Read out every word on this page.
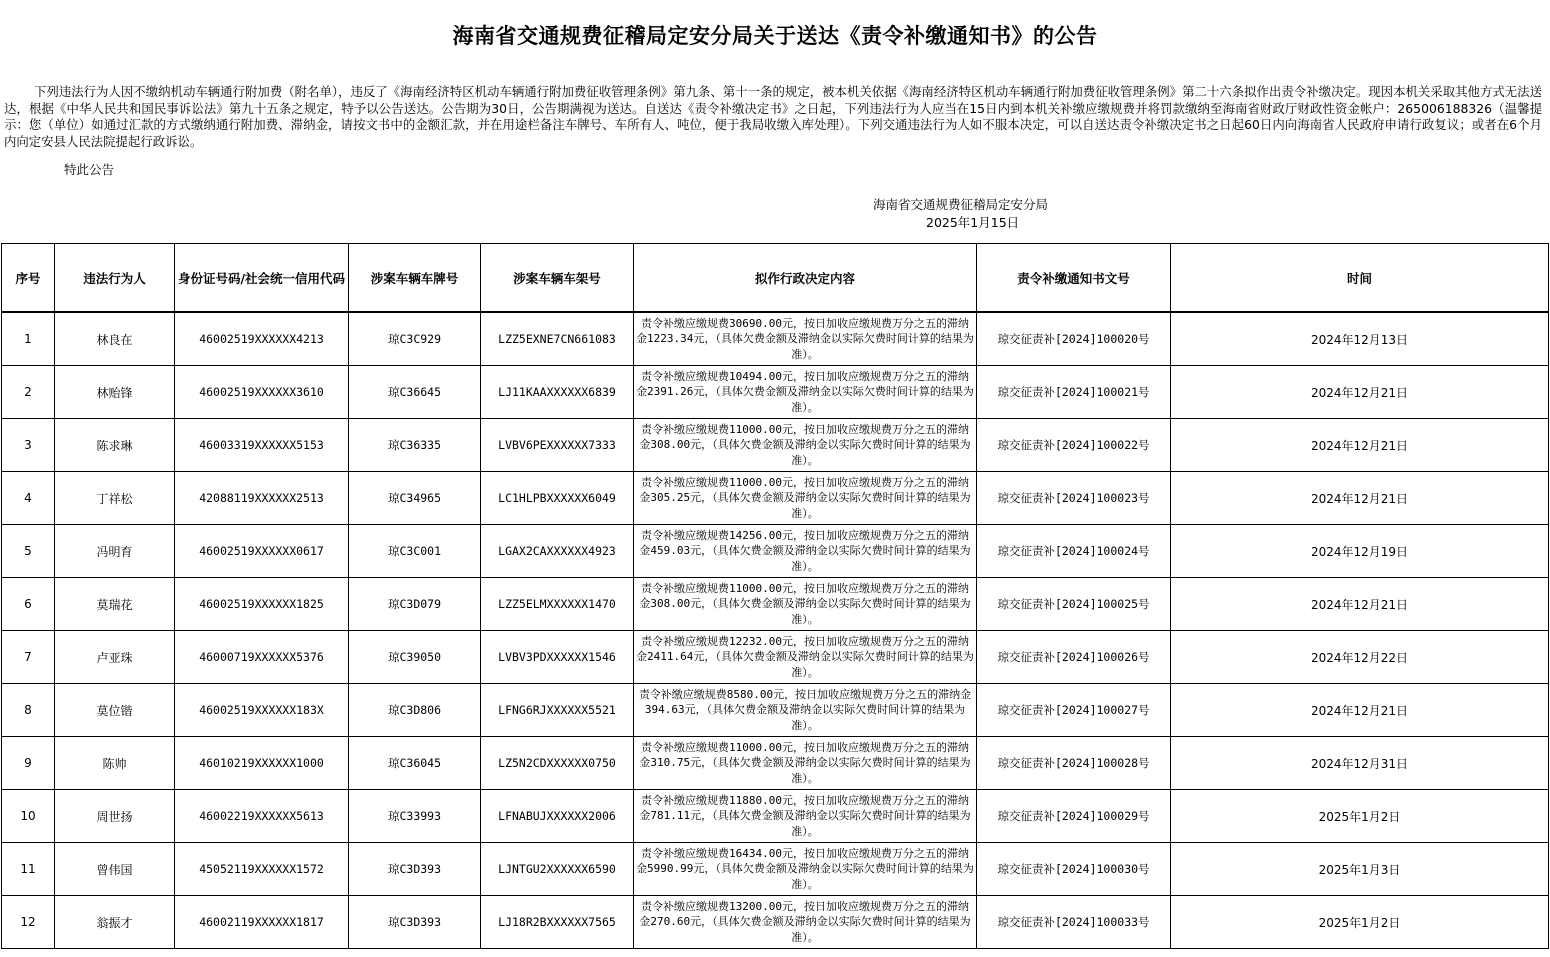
海南省交通规费征稽局定安分局关于送达《责令补缴通知书》的公告
下列违法行为人因不缴纳机动车辆通行附加费（附名单），违反了《海南经济特区机动车辆通行附加费征收管理条例》第九条、第十一条的规定，被本机关依据《海南经济特区机动车辆通行附加费征收管理条例》第二十六条拟作出责令补缴决定。现因本机关采取其他方式无法送达，根据《中华人民共和国民事诉讼法》第九十五条之规定，特予以公告送达。公告期为30日，公告期满视为送达。自送达《责令补缴决定书》之日起，下列违法行为人应当在15日内到本机关补缴应缴规费并将罚款缴纳至海南省财政厅财政性资金帐户：265006188326（温馨提示：您（单位）如通过汇款的方式缴纳通行附加费、滞纳金，请按文书中的金额汇款，并在用途栏备注车牌号、车所有人、吨位，便于我局收缴入库处理）。下列交通违法行为人如不服本决定，可以自送达责令补缴决定书之日起60日内向海南省人民政府申请行政复议；或者在6个月内向定安县人民法院提起行政诉讼。
特此公告
海南省交通规费征稽局定安分局
2025年1月15日
序号	违法行为人	身份证号码/社会统一信用代码	涉案车辆车牌号	涉案车辆车架号	拟作行政决定内容	责令补缴通知书文号	时间
1	林良在	46002519XXXXXX4213	琼C3C929	LZZ5EXNE7CN661083	责令补缴应缴规费30690.00元，按日加收应缴规费万分之五的滞纳金1223.34元，（具体欠费金额及滞纳金以实际欠费时间计算的结果为准）。	琼交征责补[2024]100020号	2024年12月13日
2	林贻锋	46002519XXXXXX3610	琼C36645	LJ11KAAXXXXXX6839	责令补缴应缴规费10494.00元，按日加收应缴规费万分之五的滞纳金2391.26元，（具体欠费金额及滞纳金以实际欠费时间计算的结果为准）。	琼交征责补[2024]100021号	2024年12月21日
3	陈求琳	46003319XXXXXX5153	琼C36335	LVBV6PEXXXXXX7333	责令补缴应缴规费11000.00元，按日加收应缴规费万分之五的滞纳金308.00元，（具体欠费金额及滞纳金以实际欠费时间计算的结果为准）。	琼交征责补[2024]100022号	2024年12月21日
4	丁祥松	42088119XXXXXX2513	琼C34965	LC1HLPBXXXXXX6049	责令补缴应缴规费11000.00元，按日加收应缴规费万分之五的滞纳金305.25元，（具体欠费金额及滞纳金以实际欠费时间计算的结果为准）。	琼交征责补[2024]100023号	2024年12月21日
5	冯明育	46002519XXXXXX0617	琼C3C001	LGAX2CAXXXXXX4923	责令补缴应缴规费14256.00元，按日加收应缴规费万分之五的滞纳金459.03元，（具体欠费金额及滞纳金以实际欠费时间计算的结果为准）。	琼交征责补[2024]100024号	2024年12月19日
6	莫瑞花	46002519XXXXXX1825	琼C3D079	LZZ5ELMXXXXXX1470	责令补缴应缴规费11000.00元，按日加收应缴规费万分之五的滞纳金308.00元，（具体欠费金额及滞纳金以实际欠费时间计算的结果为准）。	琼交征责补[2024]100025号	2024年12月21日
7	卢亚珠	46000719XXXXXX5376	琼C39050	LVBV3PDXXXXXX1546	责令补缴应缴规费12232.00元，按日加收应缴规费万分之五的滞纳金2411.64元，（具体欠费金额及滞纳金以实际欠费时间计算的结果为准）。	琼交征责补[2024]100026号	2024年12月22日
8	莫位锴	46002519XXXXXX183X	琼C3D806	LFNG6RJXXXXXX5521	责令补缴应缴规费8580.00元，按日加收应缴规费万分之五的滞纳金394.63元，（具体欠费金额及滞纳金以实际欠费时间计算的结果为准）。	琼交征责补[2024]100027号	2024年12月21日
9	陈帅	46010219XXXXXX1000	琼C36045	LZ5N2CDXXXXXX0750	责令补缴应缴规费11000.00元，按日加收应缴规费万分之五的滞纳金310.75元，（具体欠费金额及滞纳金以实际欠费时间计算的结果为准）。	琼交征责补[2024]100028号	2024年12月31日
10	周世扬	46002219XXXXXX5613	琼C33993	LFNABUJXXXXXX2006	责令补缴应缴规费11880.00元，按日加收应缴规费万分之五的滞纳金781.11元，（具体欠费金额及滞纳金以实际欠费时间计算的结果为准）。	琼交征责补[2024]100029号	2025年1月2日
11	曾伟国	45052119XXXXXX1572	琼C3D393	LJNTGU2XXXXXX6590	责令补缴应缴规费16434.00元，按日加收应缴规费万分之五的滞纳金5990.99元，（具体欠费金额及滞纳金以实际欠费时间计算的结果为准）。	琼交征责补[2024]100030号	2025年1月3日
12	翁振才	46002119XXXXXX1817	琼C3D393	LJ18R2BXXXXXX7565	责令补缴应缴规费13200.00元，按日加收应缴规费万分之五的滞纳金270.60元，（具体欠费金额及滞纳金以实际欠费时间计算的结果为准）。	琼交征责补[2024]100033号	2025年1月2日
